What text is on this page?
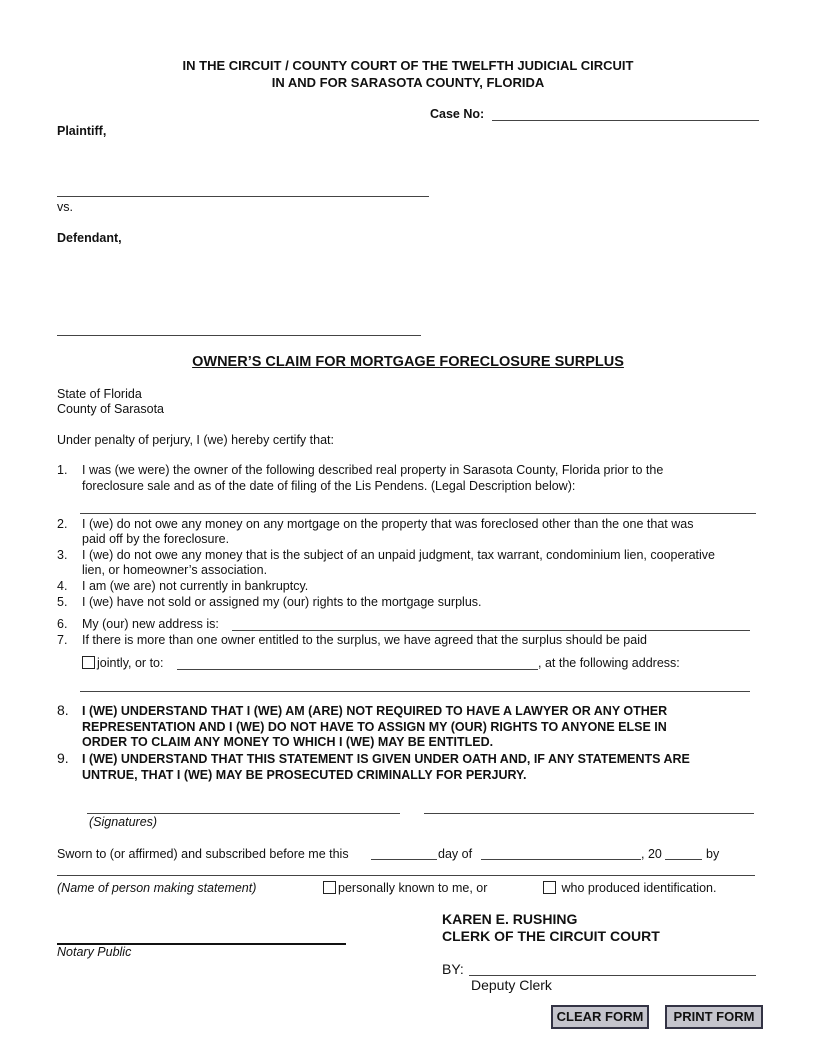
IN THE CIRCUIT / COUNTY COURT OF THE TWELFTH JUDICIAL CIRCUIT
IN AND FOR SARASOTA COUNTY, FLORIDA
Case No:
Plaintiff,
vs.
Defendant,
OWNER’S CLAIM FOR MORTGAGE FORECLOSURE SURPLUS
State of Florida
County of Sarasota
Under penalty of perjury, I (we) hereby certify that:
1. I was (we were) the owner of the following described real property in Sarasota County, Florida prior to the
foreclosure sale and as of the date of filing of the Lis Pendens. (Legal Description below):
2. I (we) do not owe any money on any mortgage on the property that was foreclosed other than the one that was
paid off by the foreclosure.
3. I (we) do not owe any money that is the subject of an unpaid judgment, tax warrant, condominium lien, cooperative
lien, or homeowner’s association.
4. I am (we are) not currently in bankruptcy.
5. I (we) have not sold or assigned my (our) rights to the mortgage surplus.
6. My (our) new address is:
7. If there is more than one owner entitled to the surplus, we have agreed that the surplus should be paid
jointly, or to:	, at the following address:
8. I (WE) UNDERSTAND THAT I (WE) AM (ARE) NOT REQUIRED TO HAVE A LAWYER OR ANY OTHER
REPRESENTATION AND I (WE) DO NOT HAVE TO ASSIGN MY (OUR) RIGHTS TO ANYONE ELSE IN
ORDER TO CLAIM ANY MONEY TO WHICH I (WE) MAY BE ENTITLED.
9. I (WE) UNDERSTAND THAT THIS STATEMENT IS GIVEN UNDER OATH AND, IF ANY STATEMENTS ARE
UNTRUE, THAT I (WE) MAY BE PROSECUTED CRIMINALLY FOR PERJURY.
(Signatures)
Sworn to (or affirmed) and subscribed before me this	day of	, 20	by
(Name of person making statement)	personally known to me, or	who produced identification.
KAREN E. RUSHING
CLERK OF THE CIRCUIT COURT
Notary Public
BY:
Deputy Clerk
CLEAR FORM	PRINT FORM
